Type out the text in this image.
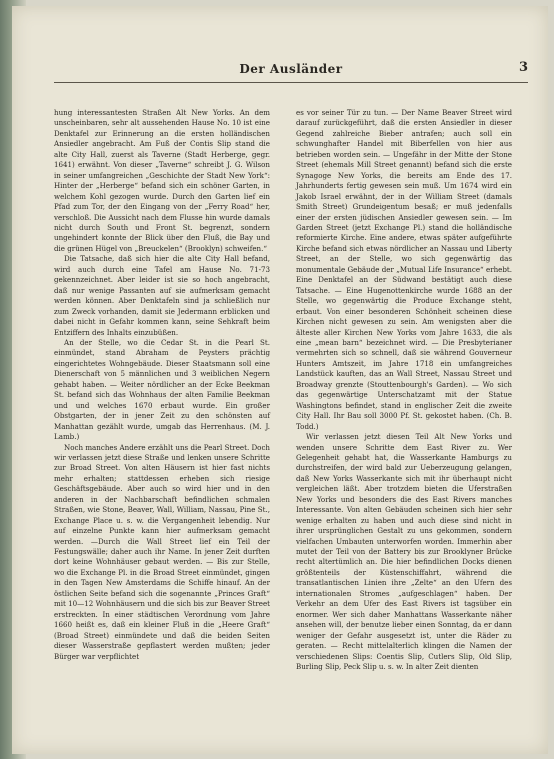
Der Ausländer	3

hung interessantesten Straßen Alt New Yorks. An dem unscheinbaren, sehr alt aussehenden Hause No. 10 ist eine Denktafel zur Erinnerung an die ersten holländischen Ansiedler angebracht. Am Fuß der Contis Slip stand die alte City Hall, zuerst als Taverne (Stadt Herberge, gegr. 1641) erwähnt. Von dieser „Taverne“ schreibt J. G. Wilson in seiner umfangreichen „Geschichte der Stadt New York“: Hinter der „Herberge“ befand sich ein schöner Garten, in welchem Kohl gezogen wurde. Durch den Garten lief ein Pfad zum Tor, der den Eingang von der „Ferry Road“ her, verschloß. Die Aussicht nach dem Flusse hin wurde damals nicht durch South und Front St. begrenzt, sondern ungehindert konnte der Blick über den Fluß, die Bay und die grünen Hügel von „Breuckelen“ (Brooklyn) schweifen.“

Die Tatsache, daß sich hier die alte City Hall befand, wird auch durch eine Tafel am Hause No. 71-73 gekennzeichnet. Aber leider ist sie so hoch angebracht, daß nur wenige Passanten auf sie aufmerksam gemacht werden können. Aber Denktafeln sind ja schließlich nur zum Zweck vorhanden, damit sie Jedermann erblicken und dabei nicht in Gefahr kommen kann, seine Sehkraft beim Entziffern des Inhalts einzubüßen.

An der Stelle, wo die Cedar St. in die Pearl St. einmündet, stand Abraham de Peysters prächtig eingerichtetes Wohngebäude. Dieser Staatsmann soll eine Dienerschaft von 5 männlichen und 3 weiblichen Negern gehabt haben. — Weiter nördlicher an der Ecke Beekman St. befand sich das Wohnhaus der alten Familie Beekman und und welches 1670 erbaut wurde. Ein großer Obstgarten, der in jener Zeit zu den schönsten auf Manhattan gezählt wurde, umgab das Herrenhaus. (M. J. Lamb.)

Noch manches Andere erzählt uns die Pearl Street. Doch wir verlassen jetzt diese Straße und lenken unsere Schritte zur Broad Street. Von alten Häusern ist hier fast nichts mehr erhalten; stattdessen erheben sich riesige Geschäftsgebäude. Aber auch so wird hier und in den anderen in der Nachbarschaft befindlichen schmalen Straßen, wie Stone, Beaver, Wall, William, Nassau, Pine St., Exchange Place u. s. w. die Vergangenheit lebendig. Nur auf einzelne Punkte kann hier aufmerksam gemacht werden. —Durch die Wall Street lief ein Teil der Festungswälle; daher auch ihr Name. In jener Zeit durften dort keine Wohnhäuser gebaut werden. — Bis zur Stelle, wo die Exchange Pl. in die Broad Street einmündet, gingen in den Tagen New Amsterdams die Schiffe hinauf. An der östlichen Seite befand sich die sogenannte „Princes Graft“ mit 10—12 Wohnhäusern und die sich bis zur Beaver Street erstreckten. In einer städtischen Verordnung vom Jahre 1660 heißt es, daß ein kleiner Fluß in die „Heere Graft“ (Broad Street) einmündete und daß die beiden Seiten dieser Wasserstraße gepflastert werden mußten; jeder Bürger war verpflichtet

es vor seiner Tür zu tun. — Der Name Beaver Street wird darauf zurückgeführt, daß die ersten Ansiedler in dieser Gegend zahlreiche Bieber antrafen; auch soll ein schwunghafter Handel mit Biberfellen von hier aus betrieben worden sein. — Ungefähr in der Mitte der Stone Street (ehemals Mill Street genannt) befand sich die erste Synagoge New Yorks, die bereits am Ende des 17. Jahrhunderts fertig gewesen sein muß. Um 1674 wird ein Jakob Israel erwähnt, der in der William Street (damals Smith Street) Grundeigentum besaß; er muß jedenfalls einer der ersten jüdischen Ansiedler gewesen sein. — Im Garden Street (jetzt Exchange Pl.) stand die holländische reformierte Kirche. Eine andere, etwas später aufgeführte Kirche befand sich etwas nördlicher an Nassau und Liberty Street, an der Stelle, wo sich gegenwärtig das monumentale Gebäude der „Mutual Life Insurance“ erhebt. Eine Denktafel an der Südwand bestätigt auch diese Tatsache. — Eine Hugenottenkirche wurde 1688 an der Stelle, wo gegenwärtig die Produce Exchange steht, erbaut. Von einer besonderen Schönheit scheinen diese Kirchen nicht gewesen zu sein. Am wenigsten aber die älteste aller Kirchen New Yorks vom Jahre 1633, die als eine „mean barn“ bezeichnet wird. — Die Presbyterianer vermehrten sich so schnell, daß sie während Gouverneur Hunters Amtszeit, im Jahre 1718 ein umfangreiches Landstück kauften, das an Wall Street, Nassau Street und Broadway grenzte (Stouttenbourgh's Garden). — Wo sich das gegenwärtige Unterschatzamt mit der Statue Washingtons befindet, stand in englischer Zeit die zweite City Hall. Ihr Bau soll 3000 Pf. St. gekostet haben. (Ch. B. Todd.)

Wir verlassen jetzt diesen Teil Alt New Yorks und wenden unsere Schritte dem East River zu. Wer Gelegenheit gehabt hat, die Wasserkante Hamburgs zu durchstreifen, der wird bald zur Ueberzeugung gelangen, daß New Yorks Wasserkante sich mit ihr überhaupt nicht vergleichen läßt. Aber trotzdem bieten die Uferstraßen New Yorks und besonders die des East Rivers manches Interessante. Von alten Gebäuden scheinen sich hier sehr wenige erhalten zu haben und auch diese sind nicht in ihrer ursprünglichen Gestalt zu uns gekommen, sondern vielfachen Umbauten unterworfen worden. Immerhin aber mutet der Teil von der Battery bis zur Brooklyner Brücke recht altertümlich an. Die hier befindlichen Docks dienen größtenteils der Küstenschiffahrt, während die transatlantischen Linien ihre „Zelte“ an den Ufern des internationalen Stromes „aufgeschlagen“ haben. Der Verkehr an dem Ufer des East Rivers ist tagsüber ein enormer. Wer sich daher Manhattans Wasserkante näher ansehen will, der benutze lieber einen Sonntag, da er dann weniger der Gefahr ausgesetzt ist, unter die Räder zu geraten. — Recht mittelalterlich klingen die Namen der verschiedenen Slips: Coentis Slip, Cutlers Slip, Old Slip, Burling Slip, Peck Slip u. s. w. In alter Zeit dienten
